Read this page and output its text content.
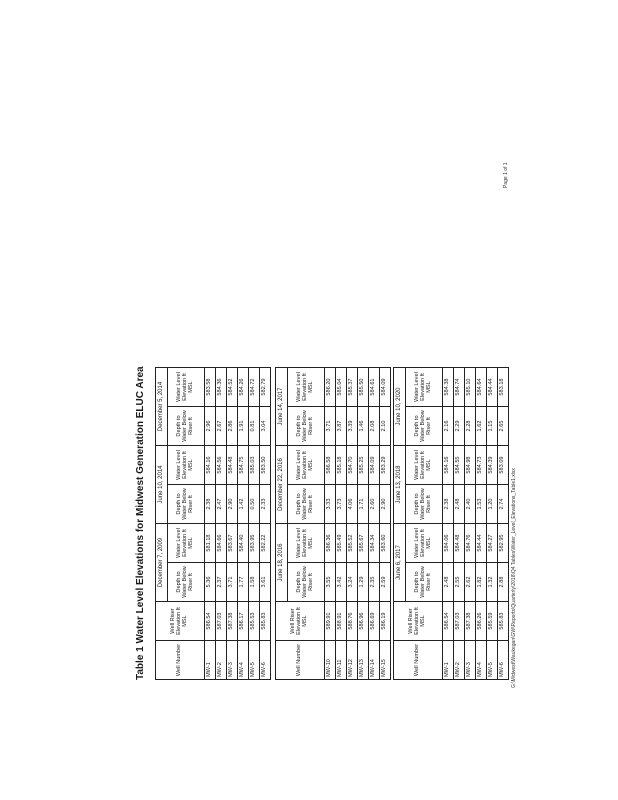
Table 1 Water Level Elevations for Midwest Generation ELUC Area	Well Number	Well Riser Elevation ft MSL	December 7, 2009		June 10, 2014		December 5, 2014	
		Depth to Water Below Riser ft	Water Level Elevation ft MSL	Depth to Water Below Riser ft	Water Level Elevation ft MSL	Depth to Water Below Riser ft	Water Level Elevation ft MSL
MW-1	586.54	5.36	581.18	2.38	584.16	2.96	583.58
MW-2	587.03	2.37	584.66	2.47	584.56	2.67	584.36
MW-3	587.38	3.71	583.67	2.90	584.48	2.86	584.52
MW-4	586.17	1.77	584.40	1.42	584.75	1.91	584.26
MW-5	585.53	1.58	583.95	0.50	585.03	0.81	584.72
MW-6	585.83	3.61	582.22	2.33	583.50	3.04	582.79
Well Number	Well Riser Elevation ft MSL	June 18, 2016		December 22, 2016		June 14, 2017	
		Depth to Water Below Riser ft	Water Level Elevation ft MSL	Depth to Water Below Riser ft	Water Level Elevation ft MSL	Depth to Water Below Riser ft	Water Level Elevation ft MSL
MW-10	589.91	3.55	586.36	3.33	586.58	3.71	586.20
MW-11	588.91	3.42	585.49	3.73	585.18	3.87	585.04
MW-12	588.76	3.24	585.52	4.06	584.70	3.39	585.37
MW-13	586.96	1.29	585.67	1.71	585.25	1.46	585.50
MW-14	586.69	2.35	584.34	2.60	584.09	2.08	584.61
MW-15	586.19	2.59	583.60	2.90	583.29	2.10	584.09
Well Number	Well Riser Elevation ft MSL	June 6, 2017		June 13, 2018		June 10, 2020	
		Depth to Water Below Riser ft	Water Level Elevation ft MSL	Depth to Water Below Riser ft	Water Level Elevation ft MSL	Depth to Water Below Riser ft	Water Level Elevation ft MSL
MW-1	586.54	2.48	584.06	2.38	584.16	2.16	584.38
MW-2	587.03	2.55	584.48	2.48	584.55	2.29	584.74
MW-3	587.38	2.62	584.76	2.40	584.98	2.28	585.10
MW-4	586.26	1.82	584.44	1.53	584.73	1.62	584.64
MW-5	585.59	1.32	584.27	1.20	584.39	1.15	584.44
MW-6	585.83	2.88	582.95	2.74	583.09	2.65	583.18
Page 1 of 1
G:\Midwest\Waukegan\GW\Reports\Quarterly\2018\Q4 Tables\Water_Level_Elevations_Table1.xlsx
